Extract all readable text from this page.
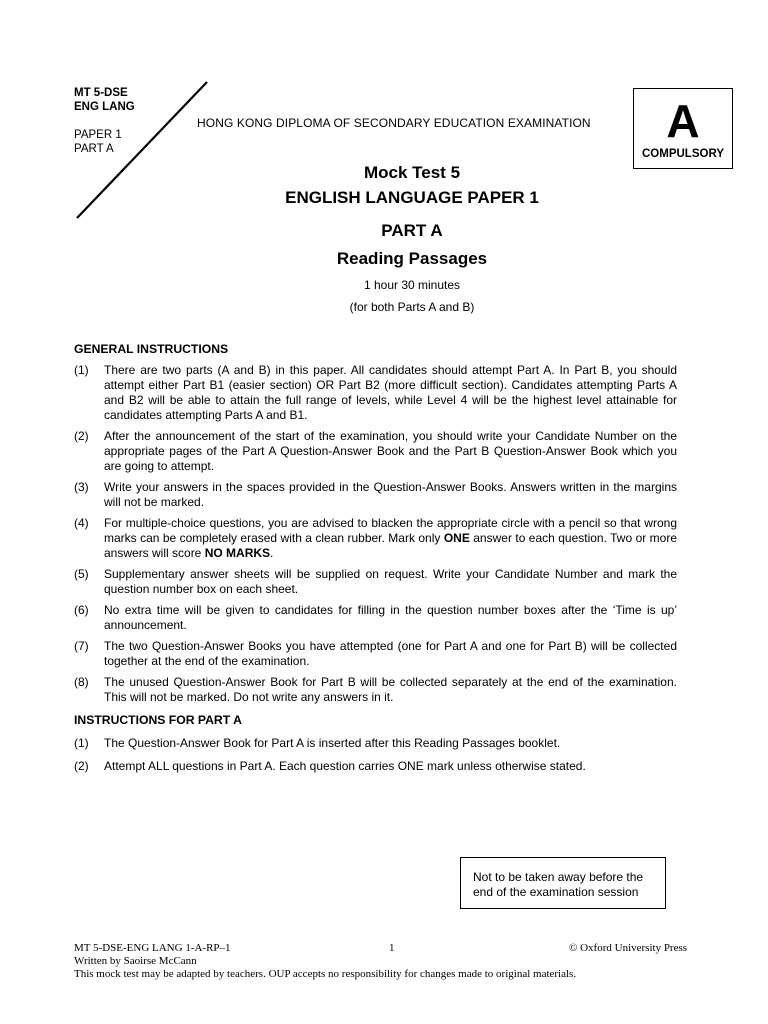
MT 5-DSE
ENG LANG
PAPER 1
PART A
HONG KONG DIPLOMA OF SECONDARY EDUCATION EXAMINATION	A
COMPULSORY
Mock Test 5
ENGLISH LANGUAGE PAPER 1
PART A
Reading Passages
1 hour 30 minutes
(for both Parts A and B)
GENERAL INSTRUCTIONS
(1)	There are two parts (A and B) in this paper. All candidates should attempt Part A. In Part B, you should attempt either Part B1 (easier section) OR Part B2 (more difficult section). Candidates attempting Parts A and B2 will be able to attain the full range of levels, while Level 4 will be the highest level attainable for candidates attempting Parts A and B1.
(2)	After the announcement of the start of the examination, you should write your Candidate Number on the appropriate pages of the Part A Question-Answer Book and the Part B Question-Answer Book which you are going to attempt.
(3)	Write your answers in the spaces provided in the Question-Answer Books. Answers written in the margins will not be marked.
(4)	For multiple-choice questions, you are advised to blacken the appropriate circle with a pencil so that wrong marks can be completely erased with a clean rubber. Mark only ONE answer to each question. Two or more answers will score NO MARKS.
(5)	Supplementary answer sheets will be supplied on request. Write your Candidate Number and mark the question number box on each sheet.
(6)	No extra time will be given to candidates for filling in the question number boxes after the ‘Time is up’ announcement.
(7)	The two Question-Answer Books you have attempted (one for Part A and one for Part B) will be collected together at the end of the examination.
(8)	The unused Question-Answer Book for Part B will be collected separately at the end of the examination. This will not be marked. Do not write any answers in it.
INSTRUCTIONS FOR PART A
(1)	The Question-Answer Book for Part A is inserted after this Reading Passages booklet.
(2)	Attempt ALL questions in Part A. Each question carries ONE mark unless otherwise stated.
Not to be taken away before the
end of the examination session
MT 5-DSE-ENG LANG 1-A-RP–1	1	© Oxford University Press
Written by Saoirse McCann
This mock test may be adapted by teachers. OUP accepts no responsibility for changes made to original materials.
